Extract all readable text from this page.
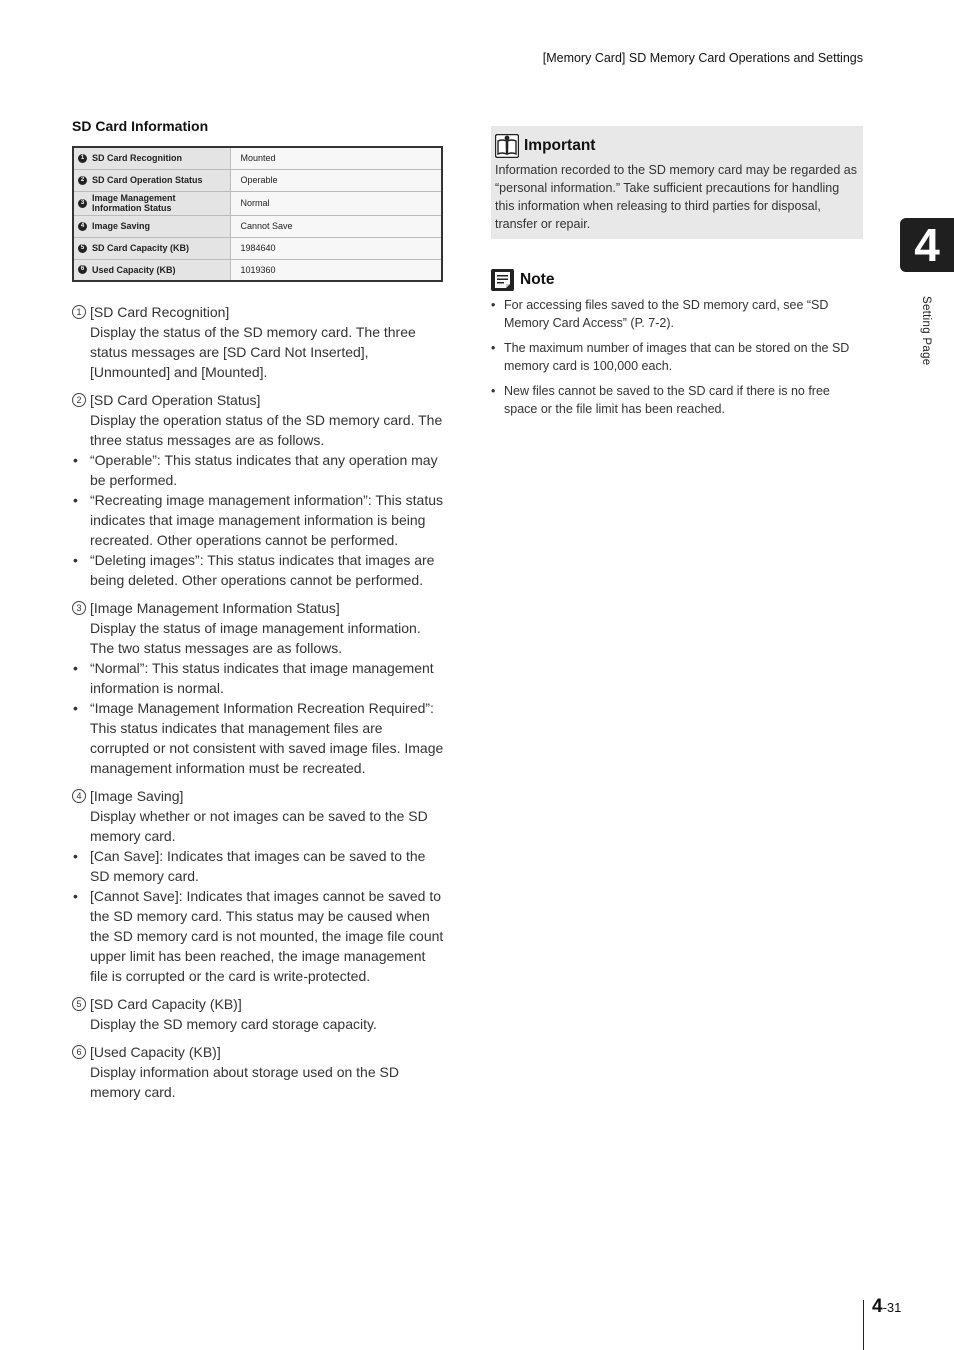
[Memory Card] SD Memory Card Operations and Settings
4
Setting Page
SD Card Information
1 SD Card Recognition	Mounted

2 SD Card Operation Status	Operable

3 Image Management Information Status	Normal

4 Image Saving	Cannot Save

5 SD Card Capacity (KB)	1984640

6 Used Capacity (KB)	1019360
1 [SD Card Recognition]
Display the status of the SD memory card. The three status messages are [SD Card Not Inserted], [Unmounted] and [Mounted].
2 [SD Card Operation Status]
Display the operation status of the SD memory card. The three status messages are as follows.
• “Operable”: This status indicates that any operation may be performed.
• “Recreating image management information”: This status indicates that image management information is being recreated. Other operations cannot be performed.
• “Deleting images”: This status indicates that images are being deleted. Other operations cannot be performed.
3 [Image Management Information Status]
Display the status of image management information. The two status messages are as follows.
• “Normal”: This status indicates that image management information is normal.
• “Image Management Information Recreation Required”: This status indicates that management files are corrupted or not consistent with saved image files. Image management information must be recreated.
4 [Image Saving]
Display whether or not images can be saved to the SD memory card.
• [Can Save]: Indicates that images can be saved to the SD memory card.
• [Cannot Save]: Indicates that images cannot be saved to the SD memory card. This status may be caused when the SD memory card is not mounted, the image file count upper limit has been reached, the image management file is corrupted or the card is write-protected.
5 [SD Card Capacity (KB)]
Display the SD memory card storage capacity.
6 [Used Capacity (KB)]
Display information about storage used on the SD memory card.
Important
Information recorded to the SD memory card may be regarded as “personal information.” Take sufficient precautions for handling this information when releasing to third parties for disposal, transfer or repair.
Note
• For accessing files saved to the SD memory card, see “SD Memory Card Access” (P. 7-2).
• The maximum number of images that can be stored on the SD memory card is 100,000 each.
• New files cannot be saved to the SD card if there is no free space or the file limit has been reached.
4-31
